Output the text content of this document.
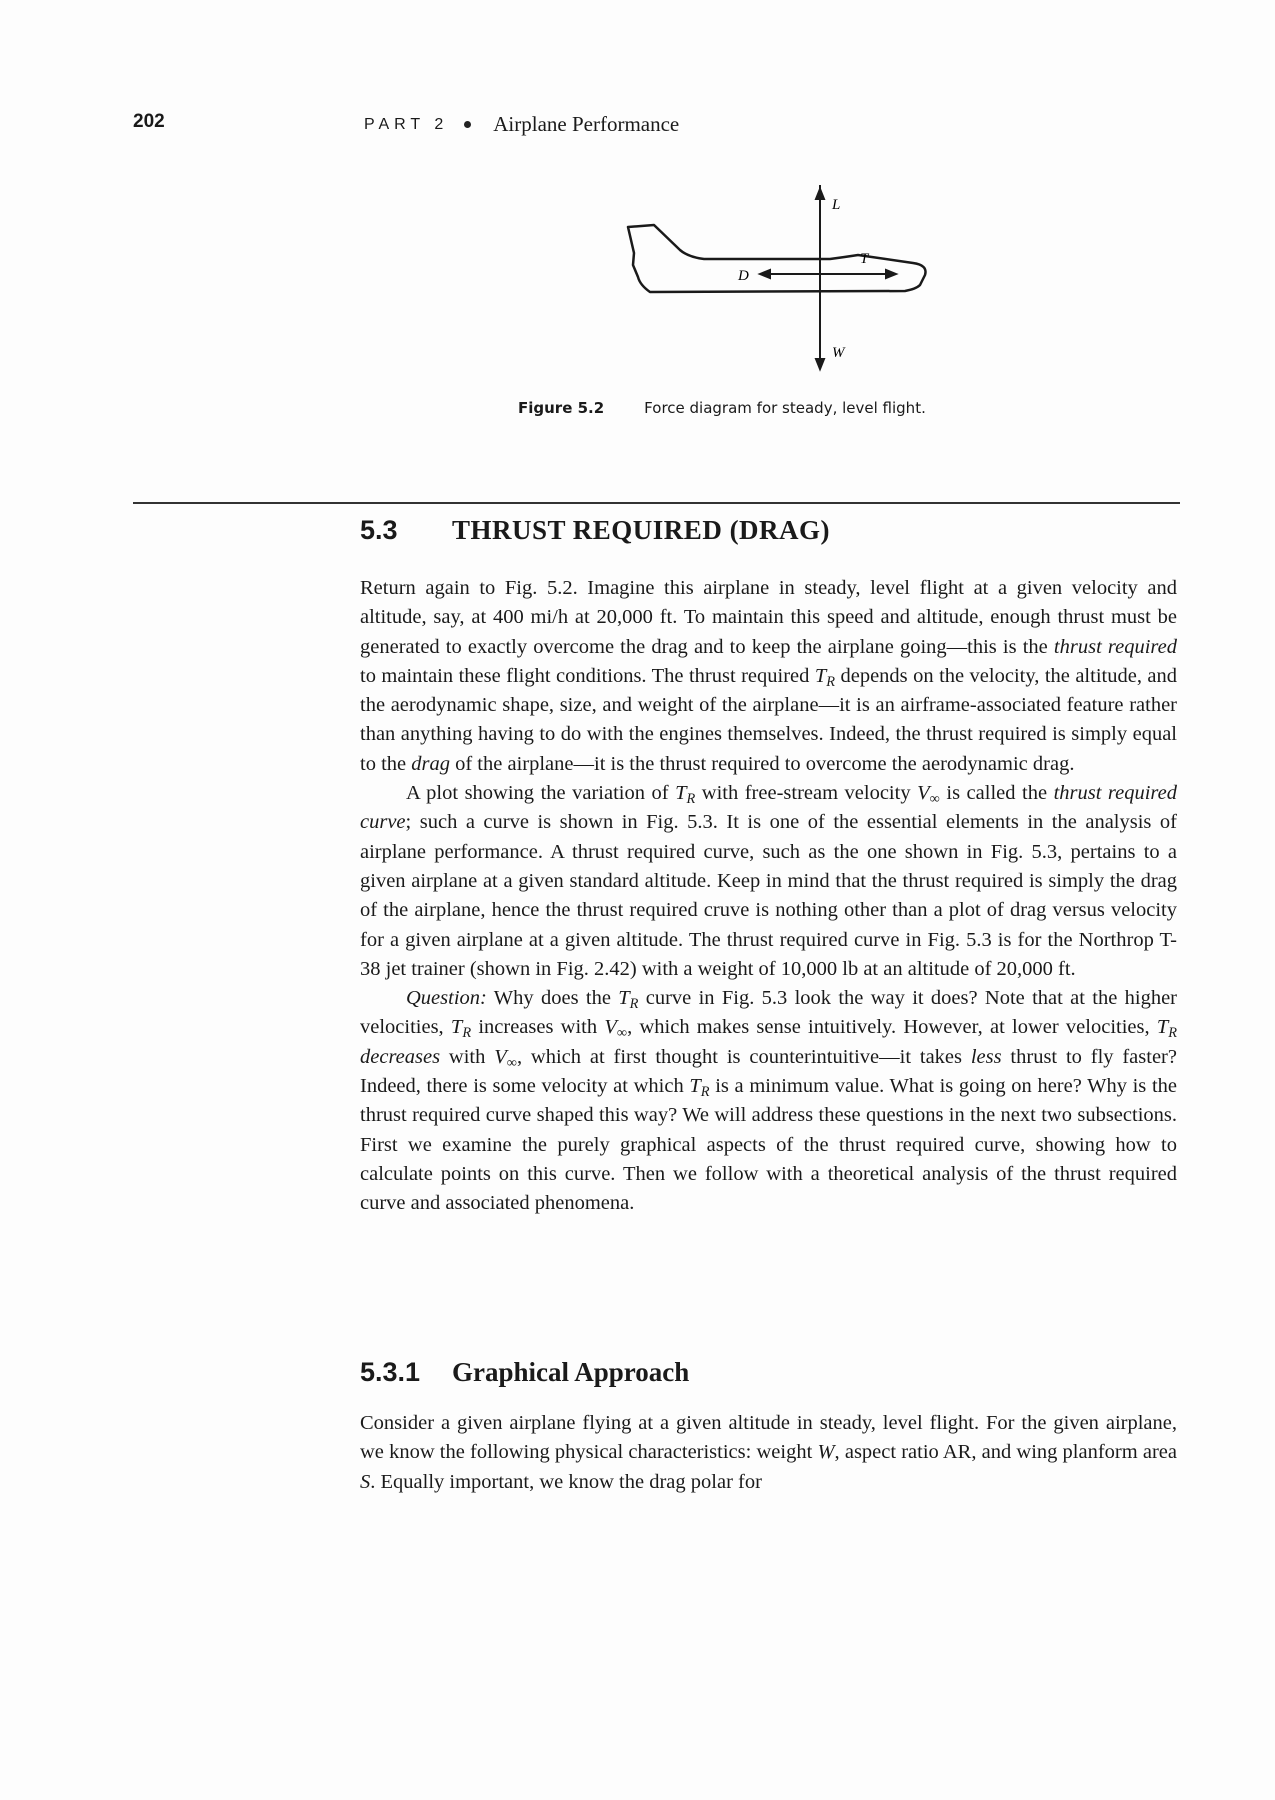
202	PART 2 Airplane Performance
L
T
D
W
Figure 5.2	Force diagram for steady, level flight.
5.3	THRUST REQUIRED (DRAG)

Return again to Fig. 5.2. Imagine this airplane in steady, level flight at a given velocity and altitude, say, at 400 mi/h at 20,000 ft. To maintain this speed and altitude, enough thrust must be generated to exactly overcome the drag and to keep the airplane going—this is the thrust required to maintain these flight conditions. The thrust required $T_R$ depends on the velocity, the altitude, and the aerodynamic shape, size, and weight of the airplane—it is an airframe-associated feature rather than anything having to do with the engines themselves. Indeed, the thrust required is simply equal to the drag of the airplane—it is the thrust required to overcome the aerodynamic drag.

A plot showing the variation of $T_R$ with free-stream velocity $V_\infty$ is called the thrust required curve; such a curve is shown in Fig. 5.3. It is one of the essential elements in the analysis of airplane performance. A thrust required curve, such as the one shown in Fig. 5.3, pertains to a given airplane at a given standard altitude. Keep in mind that the thrust required is simply the drag of the airplane, hence the thrust required cruve is nothing other than a plot of drag versus velocity for a given airplane at a given altitude. The thrust required curve in Fig. 5.3 is for the Northrop T-38 jet trainer (shown in Fig. 2.42) with a weight of 10,000 lb at an altitude of 20,000 ft.

Question: Why does the $T_R$ curve in Fig. 5.3 look the way it does? Note that at the higher velocities, $T_R$ increases with $V_\infty$, which makes sense intuitively. However, at lower velocities, $T_R$ decreases with $V_\infty$, which at first thought is counterintuitive—it takes less thrust to fly faster? Indeed, there is some velocity at which $T_R$ is a minimum value. What is going on here? Why is the thrust required curve shaped this way? We will address these questions in the next two subsections. First we examine the purely graphical aspects of the thrust required curve, showing how to calculate points on this curve. Then we follow with a theoretical analysis of the thrust required curve and associated phenomena.

5.3.1	Graphical Approach

Consider a given airplane flying at a given altitude in steady, level flight. For the given airplane, we know the following physical characteristics: weight W, aspect ratio AR, and wing planform area S. Equally important, we know the drag polar for
